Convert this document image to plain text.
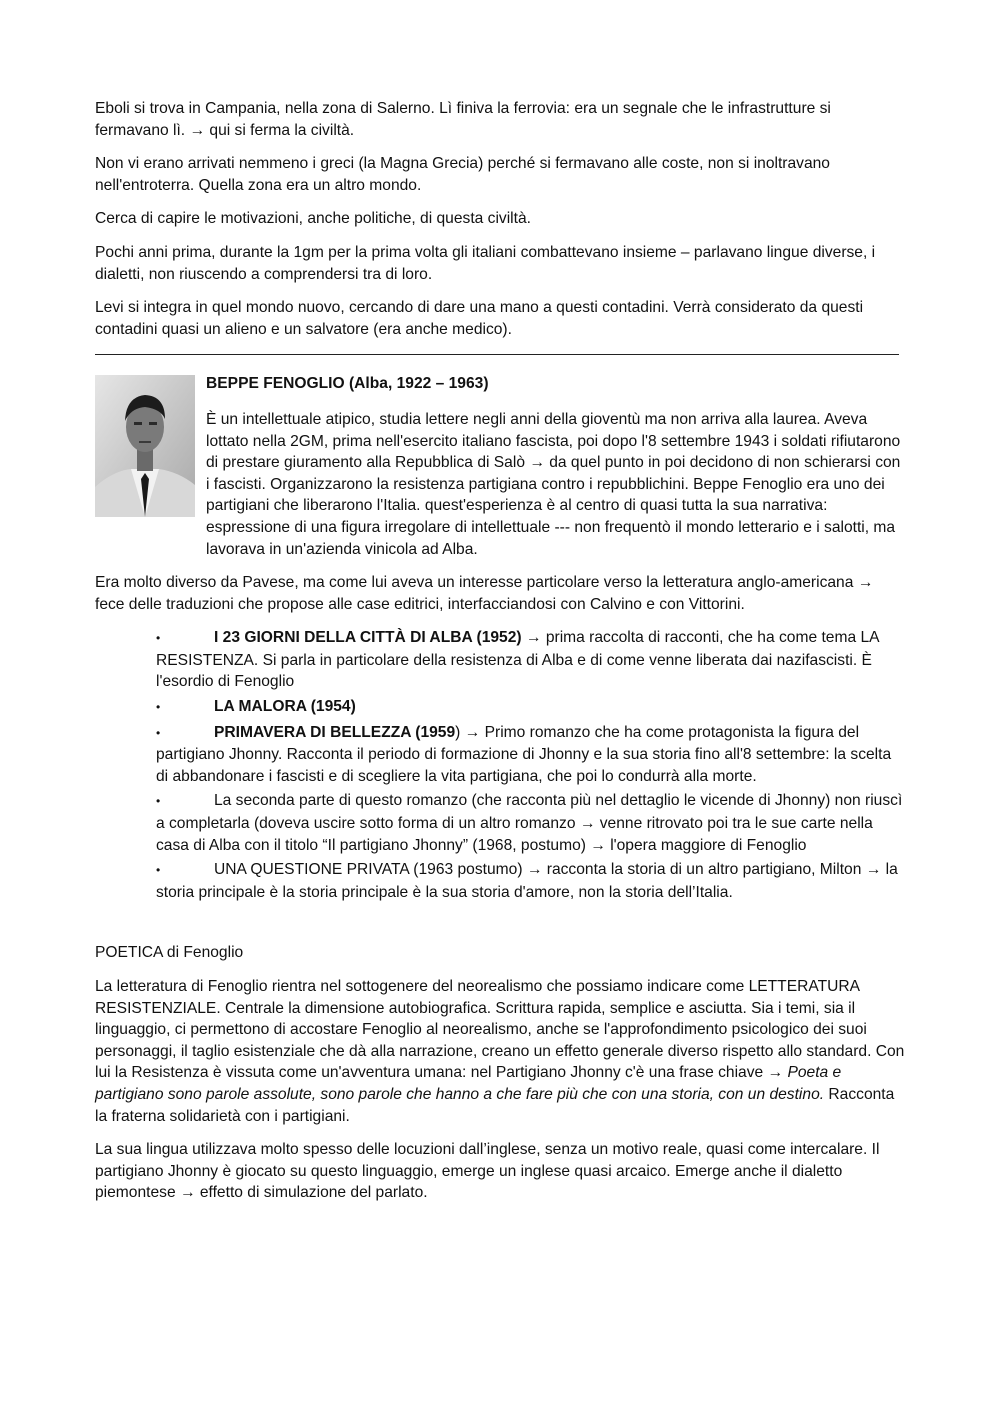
Eboli si trova in Campania, nella zona di Salerno. Lì finiva la ferrovia: era un segnale che le infrastrutture si fermavano lì. → qui si ferma la civiltà.

Non vi erano arrivati nemmeno i greci (la Magna Grecia) perché si fermavano alle coste, non si inoltravano nell'entroterra. Quella zona era un altro mondo.

Cerca di capire le motivazioni, anche politiche, di questa civiltà.

Pochi anni prima, durante la 1gm per la prima volta gli italiani combattevano insieme – parlavano lingue diverse, i dialetti, non riuscendo a comprendersi tra di loro.

Levi si integra in quel mondo nuovo, cercando di dare una mano a questi contadini. Verrà considerato da questi contadini quasi un alieno e un salvatore (era anche medico).

BEPPE FENOGLIO (Alba, 1922 – 1963)

È un intellettuale atipico, studia lettere negli anni della gioventù ma non arriva alla laurea. Aveva lottato nella 2GM, prima nell'esercito italiano fascista, poi dopo l'8 settembre 1943 i soldati rifiutarono di prestare giuramento alla Repubblica di Salò → da quel punto in poi decidono di non schierarsi con i fascisti. Organizzarono la resistenza partigiana contro i repubblichini. Beppe Fenoglio era uno dei partigiani che liberarono l'Italia. quest'esperienza è al centro di quasi tutta la sua narrativa: espressione di una figura irregolare di intellettuale --- non frequentò il mondo letterario e i salotti, ma lavorava in un'azienda vinicola ad Alba.

Era molto diverso da Pavese, ma come lui aveva un interesse particolare verso la letteratura anglo-americana → fece delle traduzioni che propose alle case editrici, interfacciandosi con Calvino e con Vittorini.

•	I 23 GIORNI DELLA CITTÀ DI ALBA (1952) → prima raccolta di racconti, che ha come tema LA RESISTENZA. Si parla in particolare della resistenza di Alba e di come venne liberata dai nazifascisti. È l'esordio di Fenoglio
•	LA MALORA (1954)
•	PRIMAVERA DI BELLEZZA (1959) → Primo romanzo che ha come protagonista la figura del partigiano Jhonny. Racconta il periodo di formazione di Jhonny e la sua storia fino all'8 settembre: la scelta di abbandonare i fascisti e di scegliere la vita partigiana, che poi lo condurrà alla morte.
•	La seconda parte di questo romanzo (che racconta più nel dettaglio le vicende di Jhonny) non riuscì a completarla (doveva uscire sotto forma di un altro romanzo → venne ritrovato poi tra le sue carte nella casa di Alba con il titolo “Il partigiano Jhonny” (1968, postumo) → l'opera maggiore di Fenoglio
•	UNA QUESTIONE PRIVATA (1963 postumo) → racconta la storia di un altro partigiano, Milton → la storia principale è la storia principale è la sua storia d'amore, non la storia dell’Italia.

POETICA di Fenoglio

La letteratura di Fenoglio rientra nel sottogenere del neorealismo che possiamo indicare come LETTERATURA RESISTENZIALE. Centrale la dimensione autobiografica. Scrittura rapida, semplice e asciutta. Sia i temi, sia il linguaggio, ci permettono di accostare Fenoglio al neorealismo, anche se l'approfondimento psicologico dei suoi personaggi, il taglio esistenziale che dà alla narrazione, creano un effetto generale diverso rispetto allo standard. Con lui la Resistenza è vissuta come un'avventura umana: nel Partigiano Jhonny c'è una frase chiave → Poeta e partigiano sono parole assolute, sono parole che hanno a che fare più che con una storia, con un destino. Racconta la fraterna solidarietà con i partigiani.

La sua lingua utilizzava molto spesso delle locuzioni dall’inglese, senza un motivo reale, quasi come intercalare. Il partigiano Jhonny è giocato su questo linguaggio, emerge un inglese quasi arcaico. Emerge anche il dialetto piemontese → effetto di simulazione del parlato.
